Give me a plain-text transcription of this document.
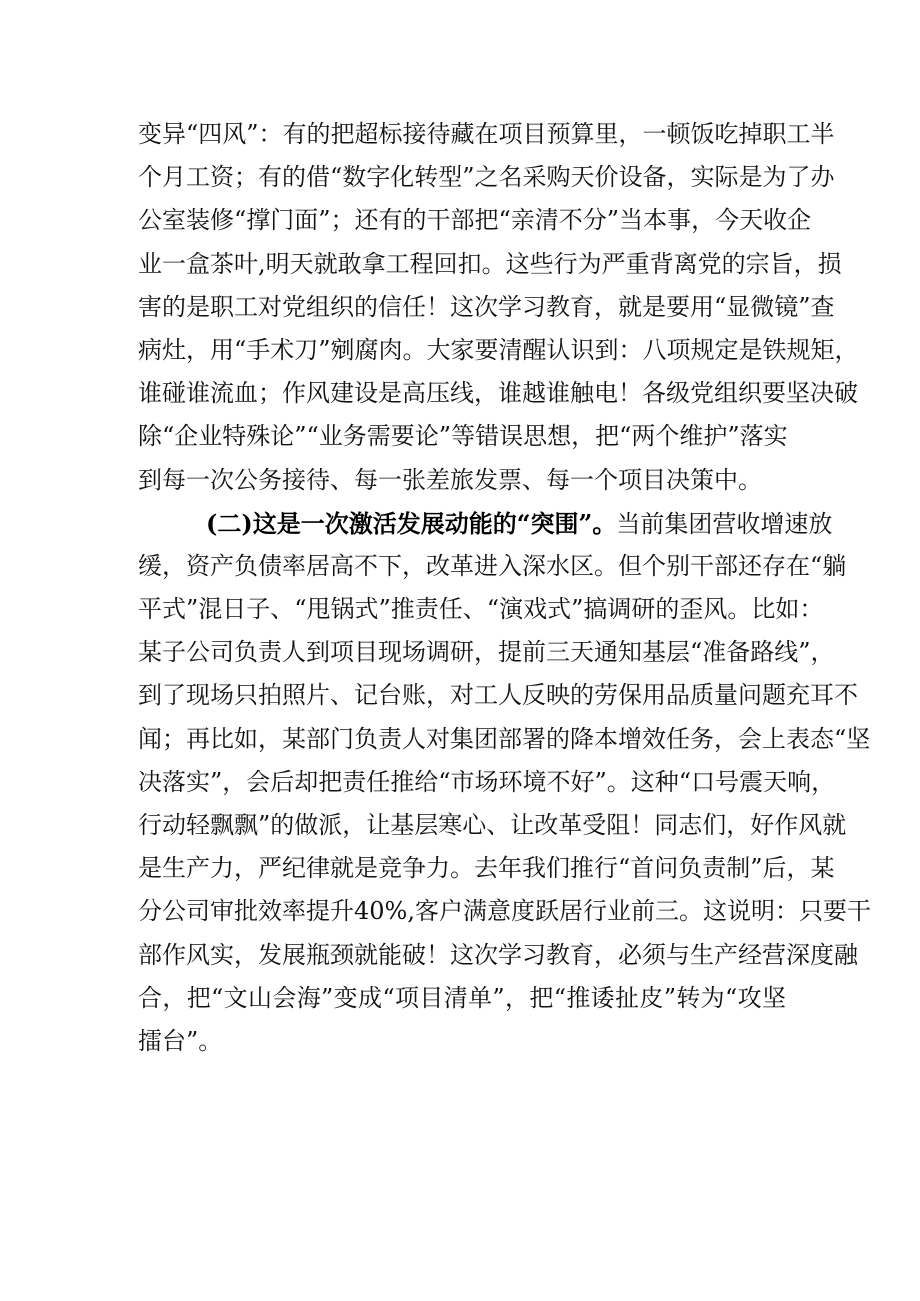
变异“四风”：有的把超标接待藏在项目预算里，一顿饭吃掉职工半
个月工资；有的借“数字化转型”之名采购天价设备，实际是为了办
公室装修“撑门面”；还有的干部把“亲清不分”当本事，今天收企
业一盒茶叶,明天就敢拿工程回扣。这些行为严重背离党的宗旨，损
害的是职工对党组织的信任！这次学习教育，就是要用“显微镜”查
病灶，用“手术刀”剜腐肉。大家要清醒认识到：八项规定是铁规矩，
谁碰谁流血；作风建设是高压线，谁越谁触电！各级党组织要坚决破
除“企业特殊论”“业务需要论”等错误思想，把“两个维护”落实
到每一次公务接待、每一张差旅发票、每一个项目决策中。
(二)这是一次激活发展动能的“突围”。当前集团营收增速放
缓，资产负债率居高不下，改革进入深水区。但个别干部还存在“躺
平式”混日子、“甩锅式”推责任、“演戏式”搞调研的歪风。比如：
某子公司负责人到项目现场调研，提前三天通知基层“准备路线”，
到了现场只拍照片、记台账，对工人反映的劳保用品质量问题充耳不
闻；再比如，某部门负责人对集团部署的降本增效任务，会上表态“坚
决落实”，会后却把责任推给“市场环境不好”。这种“口号震天响，
行动轻飘飘”的做派，让基层寒心、让改革受阻！同志们，好作风就
是生产力，严纪律就是竞争力。去年我们推行“首问负责制”后，某
分公司审批效率提升40%,客户满意度跃居行业前三。这说明：只要干
部作风实，发展瓶颈就能破！这次学习教育，必须与生产经营深度融
合，把“文山会海”变成“项目清单”，把“推诿扯皮”转为“攻坚
擂台”。
